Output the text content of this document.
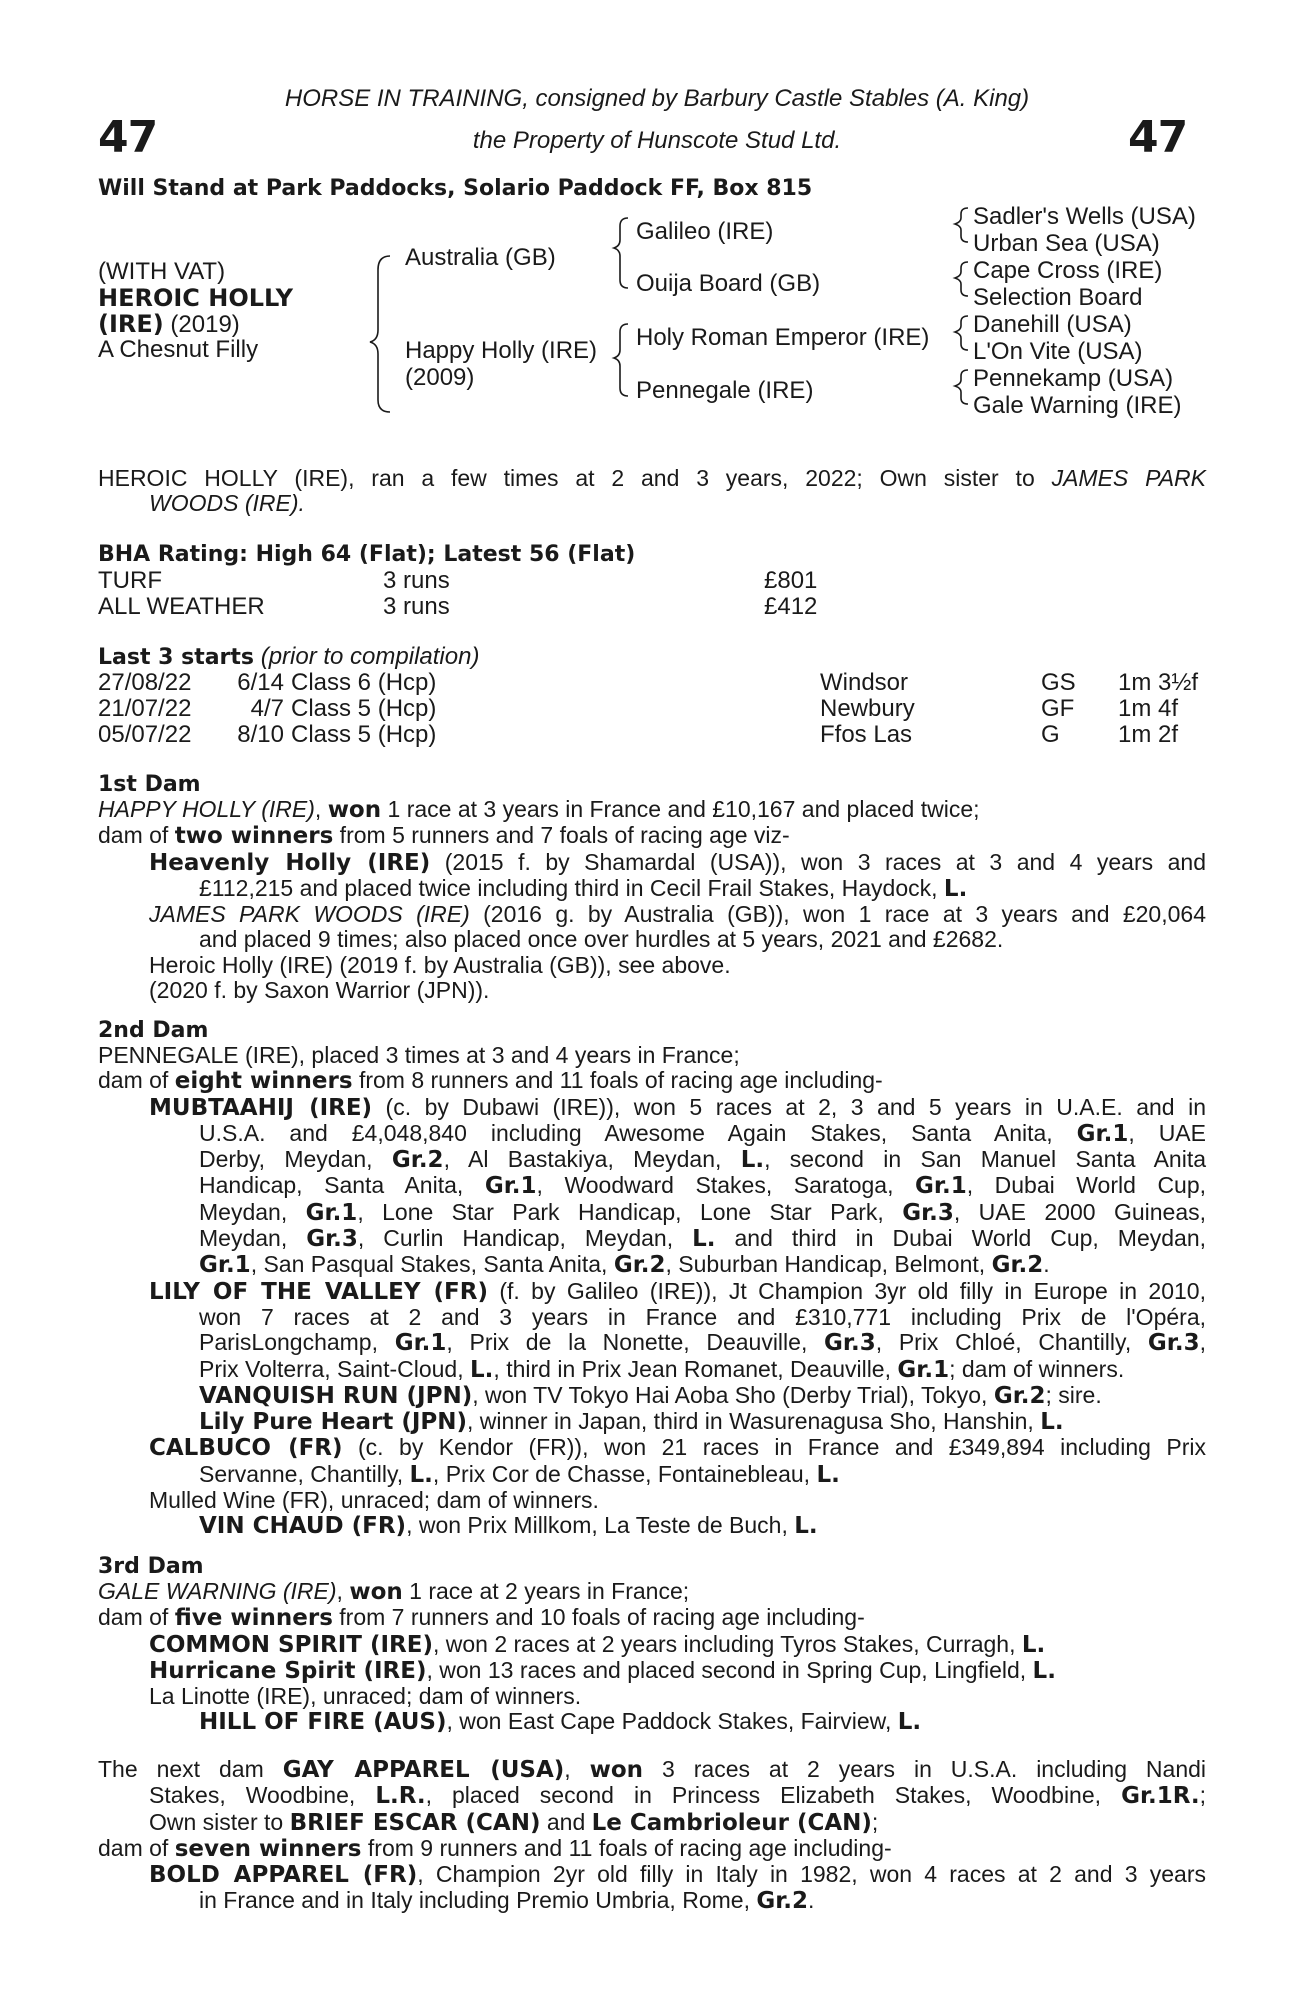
47	47
HORSE IN TRAINING, consigned by Barbury Castle Stables (A. King)
the Property of Hunscote Stud Ltd.
Will Stand at Park Paddocks, Solario Paddock FF, Box 815
(WITH VAT)
HEROIC HOLLY
(IRE) (2019)
A Chesnut Filly
Australia (GB)
Happy Holly (IRE)
(2009)
Galileo (IRE)
Ouija Board (GB)
Holy Roman Emperor (IRE)
Pennegale (IRE)
Sadler's Wells (USA)
Urban Sea (USA)
Cape Cross (IRE)
Selection Board
Danehill (USA)
L'On Vite (USA)
Pennekamp (USA)
Gale Warning (IRE)
HEROIC HOLLY (IRE), ran a few times at 2 and 3 years, 2022; Own sister to JAMES PARK
WOODS (IRE).
BHA Rating: High 64 (Flat); Latest 56 (Flat)
TURF	3 runs	£801
ALL WEATHER	3 runs	£412
Last 3 starts (prior to compilation)
27/08/22	6/14 Class 6 (Hcp)	Windsor	GS 1m 3½f
21/07/22	4/7 Class 5 (Hcp)	Newbury	GF 1m 4f
05/07/22	8/10 Class 5 (Hcp)	Ffos Las	G 1m 2f
1st Dam
HAPPY HOLLY (IRE), won 1 race at 3 years in France and £10,167 and placed twice;
dam of two winners from 5 runners and 7 foals of racing age viz-
Heavenly Holly (IRE) (2015 f. by Shamardal (USA)), won 3 races at 3 and 4 years and
£112,215 and placed twice including third in Cecil Frail Stakes, Haydock, L.
JAMES PARK WOODS (IRE) (2016 g. by Australia (GB)), won 1 race at 3 years and £20,064
and placed 9 times; also placed once over hurdles at 5 years, 2021 and £2682.
Heroic Holly (IRE) (2019 f. by Australia (GB)), see above.
(2020 f. by Saxon Warrior (JPN)).
2nd Dam
PENNEGALE (IRE), placed 3 times at 3 and 4 years in France;
dam of eight winners from 8 runners and 11 foals of racing age including-
MUBTAAHIJ (IRE) (c. by Dubawi (IRE)), won 5 races at 2, 3 and 5 years in U.A.E. and in
U.S.A. and £4,048,840 including Awesome Again Stakes, Santa Anita, Gr.1, UAE
Derby, Meydan, Gr.2, Al Bastakiya, Meydan, L., second in San Manuel Santa Anita
Handicap, Santa Anita, Gr.1, Woodward Stakes, Saratoga, Gr.1, Dubai World Cup,
Meydan, Gr.1, Lone Star Park Handicap, Lone Star Park, Gr.3, UAE 2000 Guineas,
Meydan, Gr.3, Curlin Handicap, Meydan, L. and third in Dubai World Cup, Meydan,
Gr.1, San Pasqual Stakes, Santa Anita, Gr.2, Suburban Handicap, Belmont, Gr.2.
LILY OF THE VALLEY (FR) (f. by Galileo (IRE)), Jt Champion 3yr old filly in Europe in 2010,
won 7 races at 2 and 3 years in France and £310,771 including Prix de l'Opéra,
ParisLongchamp, Gr.1, Prix de la Nonette, Deauville, Gr.3, Prix Chloé, Chantilly, Gr.3,
Prix Volterra, Saint-Cloud, L., third in Prix Jean Romanet, Deauville, Gr.1; dam of winners.
VANQUISH RUN (JPN), won TV Tokyo Hai Aoba Sho (Derby Trial), Tokyo, Gr.2; sire.
Lily Pure Heart (JPN), winner in Japan, third in Wasurenagusa Sho, Hanshin, L.
CALBUCO (FR) (c. by Kendor (FR)), won 21 races in France and £349,894 including Prix
Servanne, Chantilly, L., Prix Cor de Chasse, Fontainebleau, L.
Mulled Wine (FR), unraced; dam of winners.
VIN CHAUD (FR), won Prix Millkom, La Teste de Buch, L.
3rd Dam
GALE WARNING (IRE), won 1 race at 2 years in France;
dam of five winners from 7 runners and 10 foals of racing age including-
COMMON SPIRIT (IRE), won 2 races at 2 years including Tyros Stakes, Curragh, L.
Hurricane Spirit (IRE), won 13 races and placed second in Spring Cup, Lingfield, L.
La Linotte (IRE), unraced; dam of winners.
HILL OF FIRE (AUS), won East Cape Paddock Stakes, Fairview, L.
The next dam GAY APPAREL (USA), won 3 races at 2 years in U.S.A. including Nandi
Stakes, Woodbine, L.R., placed second in Princess Elizabeth Stakes, Woodbine, Gr.1R.;
Own sister to BRIEF ESCAR (CAN) and Le Cambrioleur (CAN);
dam of seven winners from 9 runners and 11 foals of racing age including-
BOLD APPAREL (FR), Champion 2yr old filly in Italy in 1982, won 4 races at 2 and 3 years
in France and in Italy including Premio Umbria, Rome, Gr.2.
